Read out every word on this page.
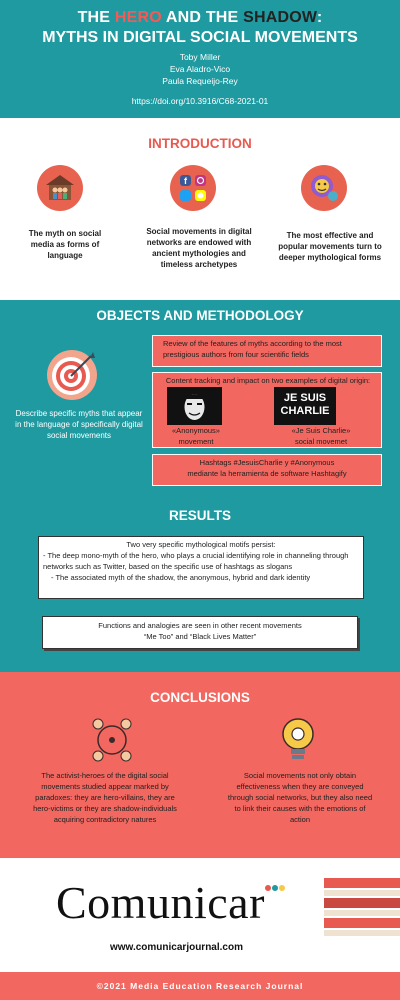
THE HERO AND THE SHADOW:
MYTHS IN DIGITAL SOCIAL MOVEMENTS
Toby Miller
Eva Aladro-Vico
Paula Requeijo-Rey
https://doi.org/10.3916/C68-2021-01
INTRODUCTION
f
The myth on social media as forms of language
Social movements in digital networks are endowed with ancient mythologies and timeless archetypes
The most effective and popular movements turn to deeper mythological forms
OBJECTS AND METHODOLOGY
Describe specific myths that appear in the language of specifically digital social movements
Review of the features of myths according to the most prestigious authors from four scientific fields
Content tracking and impact on two examples of digital origin:
JE SUIS
CHARLIE
«Anonymous»
movement
«Je Suis Charlie»
social movemet
Hashtags #JesuisCharlie y #Anonymous
mediante la herramienta de software Hashtagify
RESULTS
Two very specific mythological motifs persist:
- The deep mono-myth of the hero, who plays a crucial identifying role in channeling through networks such as Twitter, based on the specific use of hashtags as slogans
- The associated myth of the shadow, the anonymous, hybrid and dark identity
Functions and analogies are seen in other recent movements
“Me Too” and “Black Lives Matter”
CONCLUSIONS
The activist-heroes of the digital social movements studied appear marked by paradoxes: they are hero-villains, they are hero-victims or they are shadow-individuals acquiring contradictory natures
Social movements not only obtain effectiveness when they are conveyed through social networks, but they also need to link their causes with the emotions of action
Comunicar
www.comunicarjournal.com
©2021 Media Education Research Journal
